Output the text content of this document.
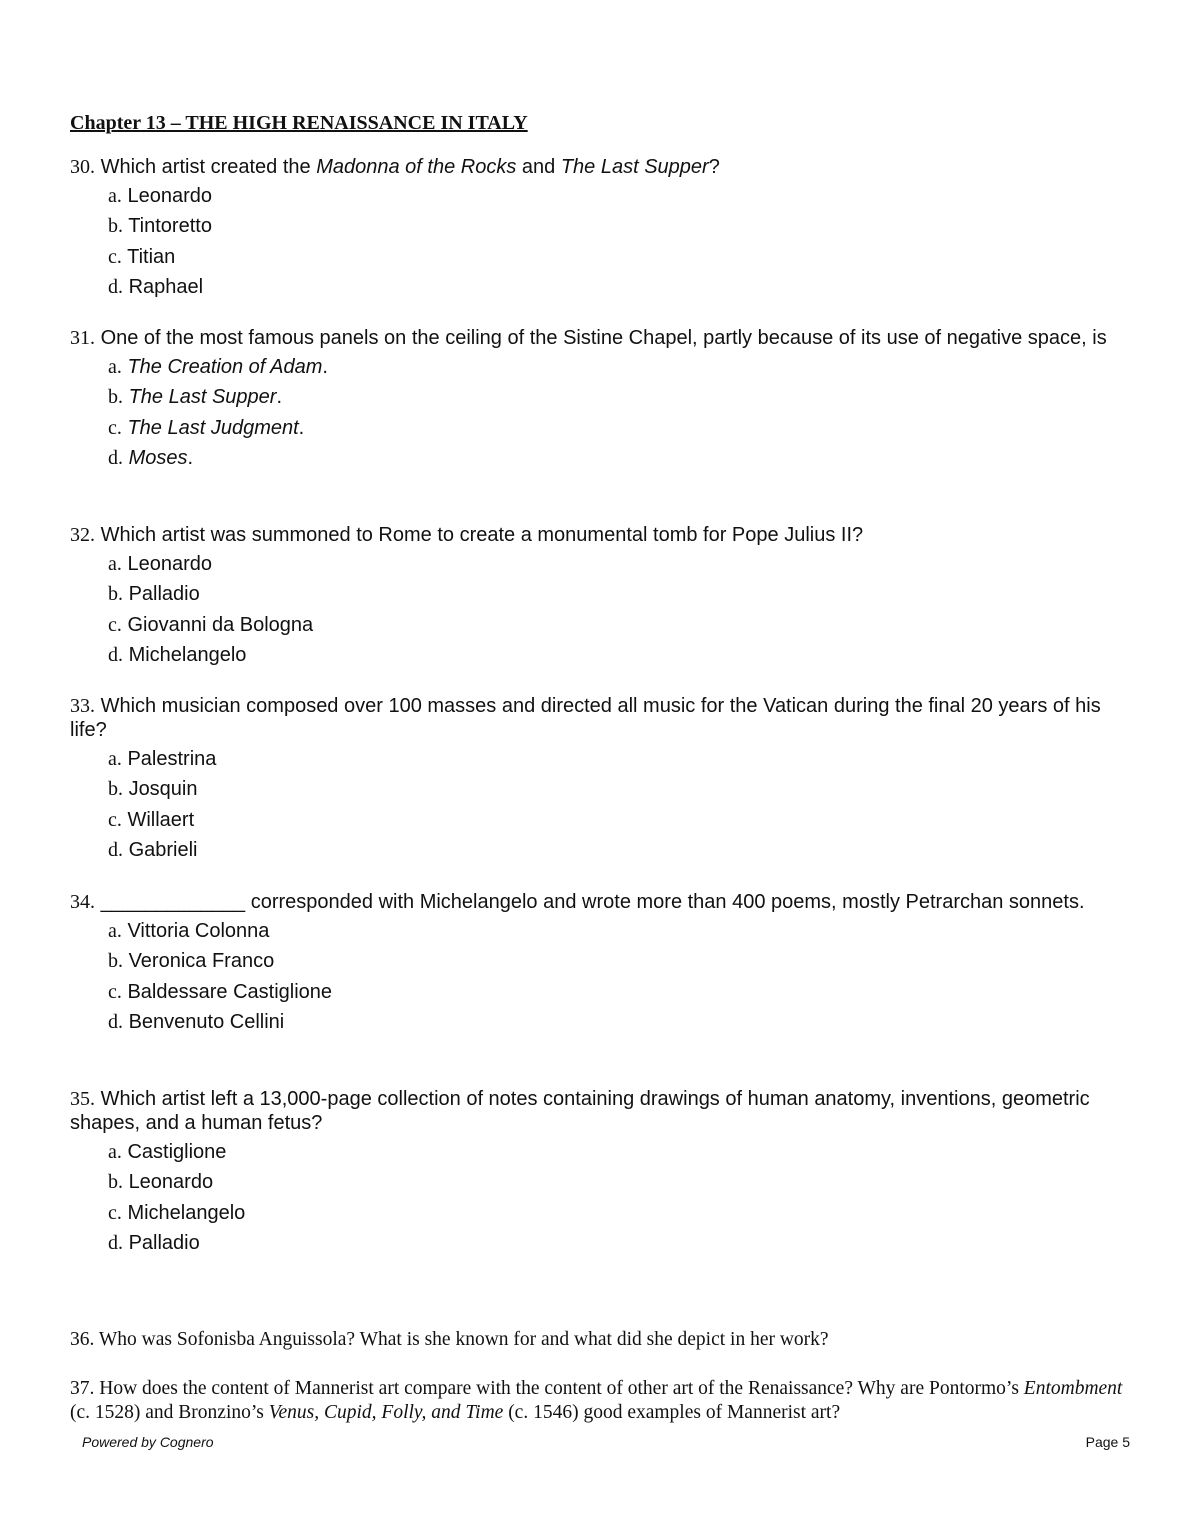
Chapter 13 – THE HIGH RENAISSANCE IN ITALY
30. Which artist created the Madonna of the Rocks and The Last Supper?
a. Leonardo
b. Tintoretto
c. Titian
d. Raphael
31. One of the most famous panels on the ceiling of the Sistine Chapel, partly because of its use of negative space, is
a. The Creation of Adam.
b. The Last Supper.
c. The Last Judgment.
d. Moses.
32. Which artist was summoned to Rome to create a monumental tomb for Pope Julius II?
a. Leonardo
b. Palladio
c. Giovanni da Bologna
d. Michelangelo
33. Which musician composed over 100 masses and directed all music for the Vatican during the final 20 years of his life?
a. Palestrina
b. Josquin
c. Willaert
d. Gabrieli
34. _____________ corresponded with Michelangelo and wrote more than 400 poems, mostly Petrarchan sonnets.
a. Vittoria Colonna
b. Veronica Franco
c. Baldessare Castiglione
d. Benvenuto Cellini
35. Which artist left a 13,000-page collection of notes containing drawings of human anatomy, inventions, geometric shapes, and a human fetus?
a. Castiglione
b. Leonardo
c. Michelangelo
d. Palladio
36. Who was Sofonisba Anguissola? What is she known for and what did she depict in her work?
37. How does the content of Mannerist art compare with the content of other art of the Renaissance? Why are Pontormo’s Entombment (c. 1528) and Bronzino’s Venus, Cupid, Folly, and Time (c. 1546) good examples of Mannerist art?
Powered by Cognero	Page 5
